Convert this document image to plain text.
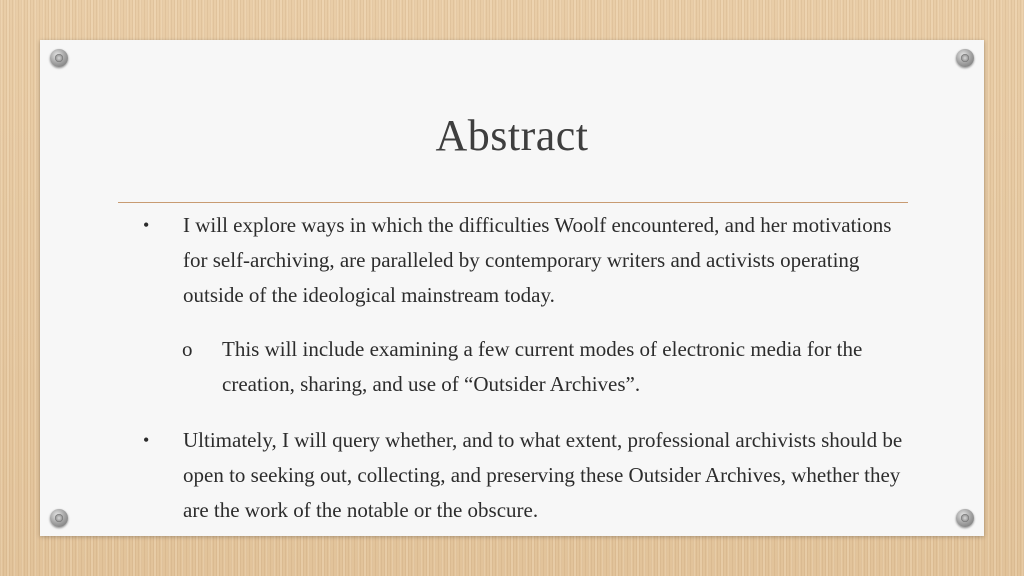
Abstract
• I will explore ways in which the difficulties Woolf encountered, and her motivations for self-archiving, are paralleled by contemporary writers and activists operating outside of the ideological mainstream today.
o This will include examining a few current modes of electronic media for the creation, sharing, and use of “Outsider Archives”.
• Ultimately, I will query whether, and to what extent, professional archivists should be open to seeking out, collecting, and preserving these Outsider Archives, whether they are the work of the notable or the obscure.
